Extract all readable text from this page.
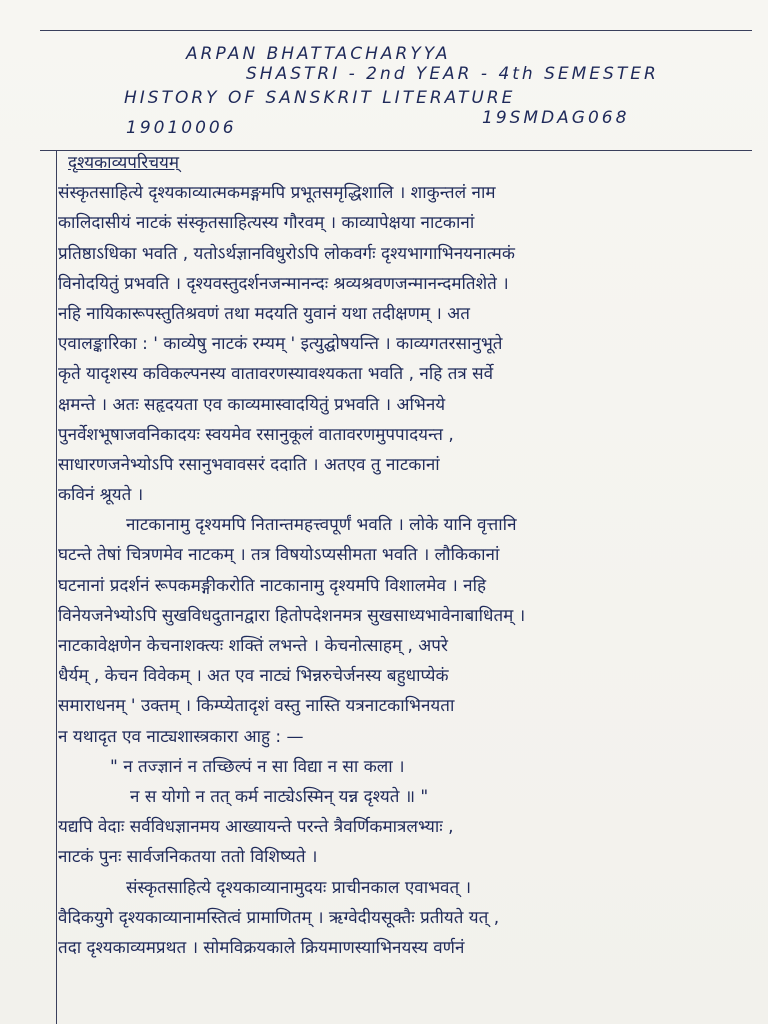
ARPAN BHATTACHARYYA
SHASTRI - 2nd YEAR - 4th SEMESTER
HISTORY OF SANSKRIT LITERATURE
19010006	19SMDAG068
दृश्यकाव्यपरिचयम्
संस्कृतसाहित्ये दृश्यकाव्यात्मकमङ्गमपि प्रभूतसमृद्धिशालि । शाकुन्तलं नाम
कालिदासीयं नाटकं संस्कृतसाहित्यस्य गौरवम् । काव्यापेक्षया नाटकानां
प्रतिष्ठाऽधिका भवति , यतोऽर्थज्ञानविधुरोऽपि लोकवर्गः दृश्यभागाभिनयनात्मकं
विनोदयितुं प्रभवति । दृश्यवस्तुदर्शनजन्मानन्दः श्रव्यश्रवणजन्मानन्दमतिशेते ।
नहि नायिकारूपस्तुतिश्रवणं तथा मदयति युवानं यथा तदीक्षणम् । अत
एवालङ्कारिका : ' काव्येषु नाटकं रम्यम् ' इत्युद्घोषयन्ति । काव्यगतरसानुभूते
कृते यादृशस्य कविकल्पनस्य वातावरणस्यावश्यकता भवति , नहि तत्र सर्वे
क्षमन्ते । अतः सहृदयता एव काव्यमास्वादयितुं प्रभवति । अभिनये
पुनर्वेशभूषाजवनिकादयः स्वयमेव रसानुकूलं वातावरणमुपपादयन्त ,
साधारणजनेभ्योऽपि रसानुभवावसरं ददाति । अतएव तु नाटकानां
कविनं श्रूयते ।
नाटकानामु दृश्यमपि नितान्तमहत्त्वपूर्णं भवति । लोके यानि वृत्तानि
घटन्ते तेषां चित्रणमेव नाटकम् । तत्र विषयोऽप्यसीमता भवति । लौकिकानां
घटनानां प्रदर्शनं रूपकमङ्गीकरोति नाटकानामु दृश्यमपि विशालमेव । नहि
विनेयजनेभ्योऽपि सुखविधदुतानद्वारा हितोपदेशनमत्र सुखसाध्यभावेनाबाधितम् ।
नाटकावेक्षणेन केचनाशक्त्यः शक्तिं लभन्ते । केचनोत्साहम् , अपरे
धैर्यम् , केचन विवेकम् । अत एव नाट्यं भिन्नरुचेर्जनस्य बहुधाप्येकं
समाराधनम् ' उक्तम् । किम्प्येतादृशं वस्तु नास्ति यत्रनाटकाभिनयता
न यथादृत एव नाट्यशास्त्रकारा आहु : —
" न तज्ज्ञानं न तच्छिल्पं न सा विद्या न सा कला ।
न स योगो न तत् कर्म नाट्येऽस्मिन् यन्न दृश्यते ॥ "
यद्यपि वेदाः सर्वविधज्ञानमय आख्यायन्ते परन्ते त्रैवर्णिकमात्रलभ्याः ,
नाटकं पुनः सार्वजनिकतया ततो विशिष्यते ।
संस्कृतसाहित्ये दृश्यकाव्यानामुदयः प्राचीनकाल एवाभवत् ।
वैदिकयुगे दृश्यकाव्यानामस्तित्वं प्रामाणितम् । ऋग्वेदीयसूक्तैः प्रतीयते यत् ,
तदा दृश्यकाव्यमप्रथत । सोमविक्रयकाले क्रियमाणस्याभिनयस्य वर्णनं
